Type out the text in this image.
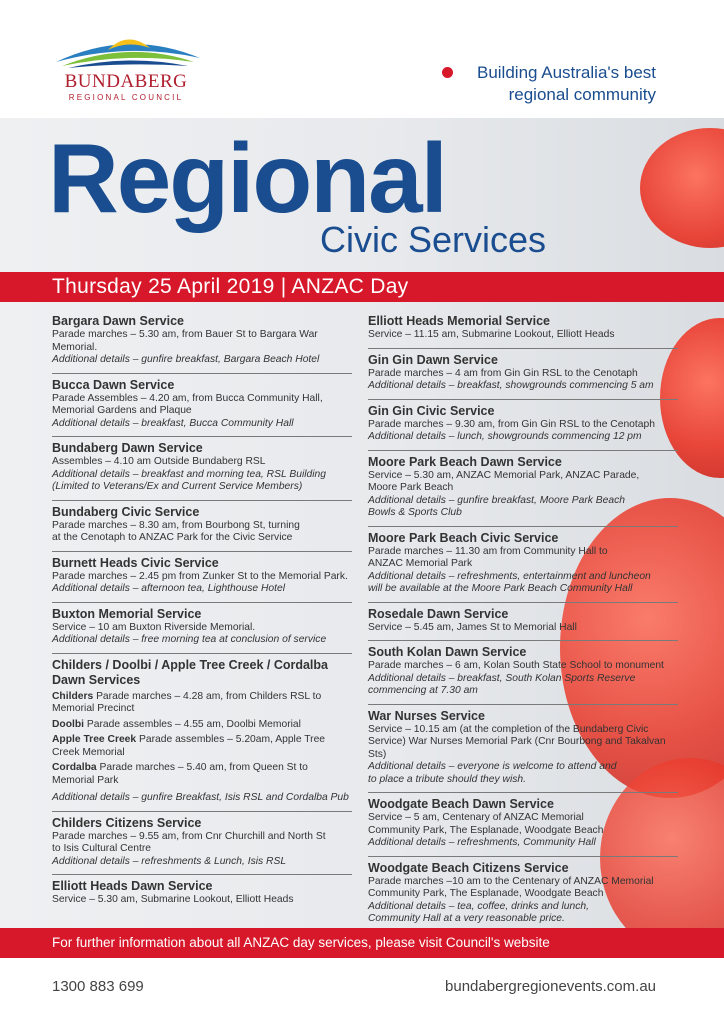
BUNDABERG
REGIONAL COUNCIL
Building Australia's best
regional community
Regional
Civic Services
Thursday 25 April 2019 | ANZAC Day
Bargara Dawn Service
Parade marches – 5.30 am, from Bauer St to Bargara War Memorial.
Additional details – gunfire breakfast, Bargara Beach Hotel
Bucca Dawn Service
Parade Assembles – 4.20 am, from Bucca Community Hall,
Memorial Gardens and Plaque
Additional details – breakfast, Bucca Community Hall
Bundaberg Dawn Service
Assembles – 4.10 am Outside Bundaberg RSL
Additional details – breakfast and morning tea, RSL Building
(Limited to Veterans/Ex and Current Service Members)
Bundaberg Civic Service
Parade marches – 8.30 am, from Bourbong St, turning
at the Cenotaph to ANZAC Park for the Civic Service
Burnett Heads Civic Service
Parade marches – 2.45 pm from Zunker St to the Memorial Park.
Additional details – afternoon tea, Lighthouse Hotel
Buxton Memorial Service
Service – 10 am Buxton Riverside Memorial.
Additional details – free morning tea at conclusion of service
Childers / Doolbi / Apple Tree Creek / Cordalba
Dawn Services
Childers Parade marches – 4.28 am, from Childers RSL to
Memorial Precinct
Doolbi Parade assembles – 4.55 am, Doolbi Memorial
Apple Tree Creek Parade assembles – 5.20am, Apple Tree
Creek Memorial
Cordalba Parade marches – 5.40 am, from Queen St to
Memorial Park
Additional details – gunfire Breakfast, Isis RSL and Cordalba Pub
Childers Citizens Service
Parade marches – 9.55 am, from Cnr Churchill and North St
to Isis Cultural Centre
Additional details – refreshments & Lunch, Isis RSL
Elliott Heads Dawn Service
Service – 5.30 am, Submarine Lookout, Elliott Heads
Elliott Heads Memorial Service
Service – 11.15 am, Submarine Lookout, Elliott Heads
Gin Gin Dawn Service
Parade marches – 4 am from Gin Gin RSL to the Cenotaph
Additional details – breakfast, showgrounds commencing 5 am
Gin Gin Civic Service
Parade marches – 9.30 am, from Gin Gin RSL to the Cenotaph
Additional details – lunch, showgrounds commencing 12 pm
Moore Park Beach Dawn Service
Service – 5.30 am, ANZAC Memorial Park, ANZAC Parade,
Moore Park Beach
Additional details – gunfire breakfast, Moore Park Beach
Bowls & Sports Club
Moore Park Beach Civic Service
Parade marches – 11.30 am from Community Hall to
ANZAC Memorial Park
Additional details – refreshments, entertainment and luncheon
will be available at the Moore Park Beach Community Hall
Rosedale Dawn Service
Service – 5.45 am, James St to Memorial Hall
South Kolan Dawn Service
Parade marches – 6 am, Kolan South State School to monument
Additional details – breakfast, South Kolan Sports Reserve
commencing at 7.30 am
War Nurses Service
Service – 10.15 am (at the completion of the Bundaberg Civic
Service) War Nurses Memorial Park (Cnr Bourbong and Takalvan Sts)
Additional details – everyone is welcome to attend and
to place a tribute should they wish.
Woodgate Beach Dawn Service
Service – 5 am, Centenary of ANZAC Memorial
Community Park, The Esplanade, Woodgate Beach
Additional details – refreshments, Community Hall
Woodgate Beach Citizens Service
Parade marches –10 am to the Centenary of ANZAC Memorial
Community Park, The Esplanade, Woodgate Beach
Additional details – tea, coffee, drinks and lunch,
Community Hall at a very reasonable price.
For further information about all ANZAC day services, please visit Council's website
1300 883 699	bundabergregionevents.com.au
